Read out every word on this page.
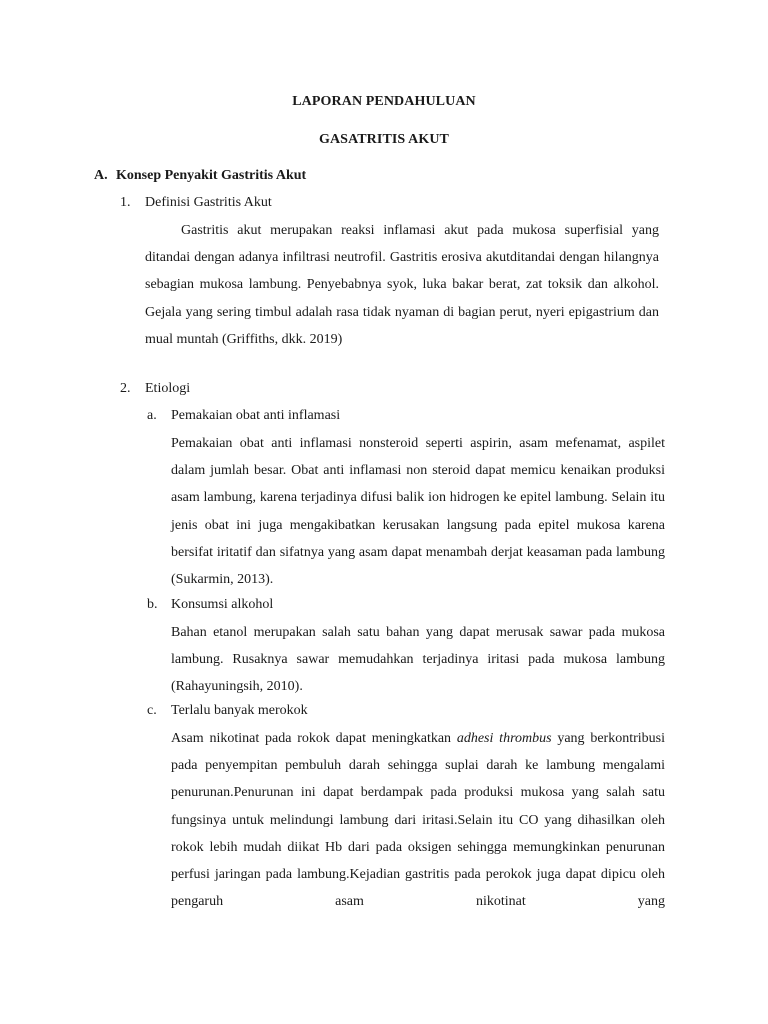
LAPORAN PENDAHULUAN
GASATRITIS AKUT
A. Konsep Penyakit Gastritis Akut
1. Definisi Gastritis Akut

Gastritis akut merupakan reaksi inflamasi akut pada mukosa superfisial yang ditandai dengan adanya infiltrasi neutrofil. Gastritis erosiva akutditandai dengan hilangnya sebagian mukosa lambung. Penyebabnya syok, luka bakar berat, zat toksik dan alkohol. Gejala yang sering timbul adalah rasa tidak nyaman di bagian perut, nyeri epigastrium dan mual muntah (Griffiths, dkk. 2019)

2. Etiologi
a. Pemakaian obat anti inflamasi

Pemakaian obat anti inflamasi nonsteroid seperti aspirin, asam mefenamat, aspilet dalam jumlah besar. Obat anti inflamasi non steroid dapat memicu kenaikan produksi asam lambung, karena terjadinya difusi balik ion hidrogen ke epitel lambung. Selain itu jenis obat ini juga mengakibatkan kerusakan langsung pada epitel mukosa karena bersifat iritatif dan sifatnya yang asam dapat menambah derjat keasaman pada lambung (Sukarmin, 2013).

b. Konsumsi alkohol

Bahan etanol merupakan salah satu bahan yang dapat merusak sawar pada mukosa lambung. Rusaknya sawar memudahkan terjadinya iritasi pada mukosa lambung (Rahayuningsih, 2010).

c. Terlalu banyak merokok

Asam nikotinat pada rokok dapat meningkatkan adhesi thrombus yang berkontribusi pada penyempitan pembuluh darah sehingga suplai darah ke lambung mengalami penurunan.Penurunan ini dapat berdampak pada produksi mukosa yang salah satu fungsinya untuk melindungi lambung dari iritasi.Selain itu CO yang dihasilkan oleh rokok lebih mudah diikat Hb dari pada oksigen sehingga memungkinkan penurunan perfusi jaringan pada lambung.Kejadian gastritis pada perokok juga dapat dipicu oleh pengaruh asam nikotinat yang
